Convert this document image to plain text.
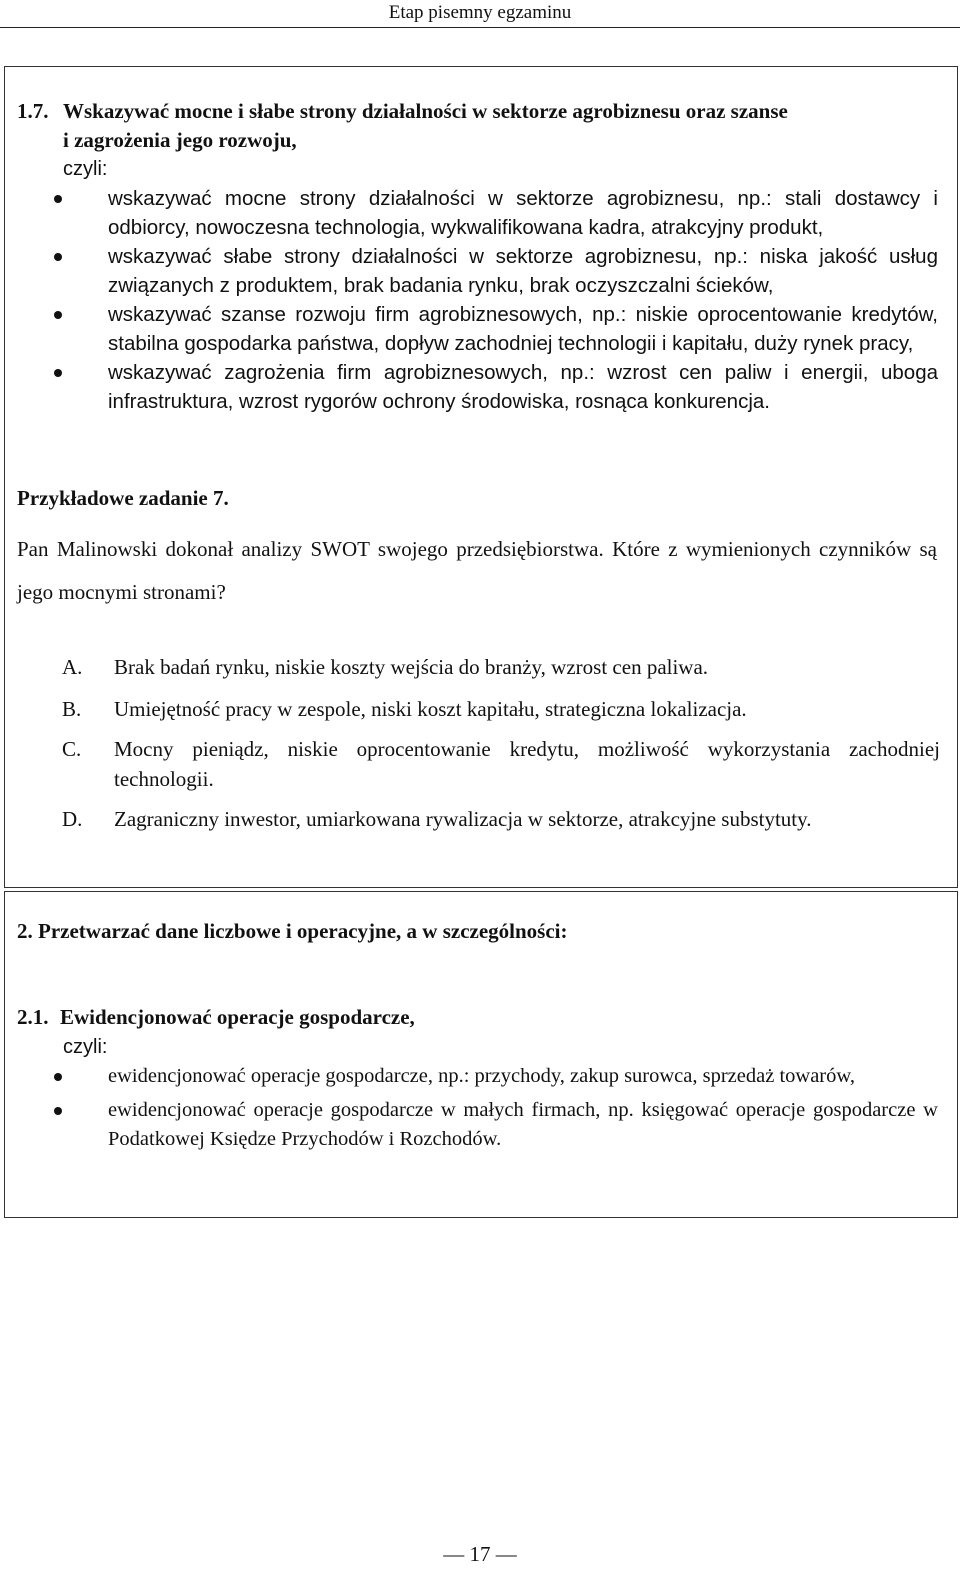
Etap pisemny egzaminu
1.7. Wskazywać mocne i słabe strony działalności w sektorze agrobiznesu oraz szanse
i zagrożenia jego rozwoju,
czyli:
wskazywać mocne strony działalności w sektorze agrobiznesu, np.: stali dostawcy i odbiorcy, nowoczesna technologia, wykwalifikowana kadra, atrakcyjny produkt,
wskazywać słabe strony działalności w sektorze agrobiznesu, np.: niska jakość usług związanych z produktem, brak badania rynku, brak oczyszczalni ścieków,
wskazywać szanse rozwoju firm agrobiznesowych, np.: niskie oprocentowanie kredytów, stabilna gospodarka państwa, dopływ zachodniej technologii i kapitału, duży rynek pracy,
wskazywać zagrożenia firm agrobiznesowych, np.: wzrost cen paliw i energii, uboga infrastruktura, wzrost rygorów ochrony środowiska, rosnąca konkurencja.
Przykładowe zadanie 7.
Pan Malinowski dokonał analizy SWOT swojego przedsiębiorstwa. Które z wymienionych czynników są jego mocnymi stronami?
A. Brak badań rynku, niskie koszty wejścia do branży, wzrost cen paliwa.
B. Umiejętność pracy w zespole, niski koszt kapitału, strategiczna lokalizacja.
C. Mocny pieniądz, niskie oprocentowanie kredytu, możliwość wykorzystania zachodniej technologii.
D. Zagraniczny inwestor, umiarkowana rywalizacja w sektorze, atrakcyjne substytuty.
2. Przetwarzać dane liczbowe i operacyjne, a w szczególności:
2.1. Ewidencjonować operacje gospodarcze,
czyli:
ewidencjonować operacje gospodarcze, np.: przychody, zakup surowca, sprzedaż towarów,
ewidencjonować operacje gospodarcze w małych firmach, np. księgować operacje gospodarcze w Podatkowej Księdze Przychodów i Rozchodów.
— 17 —
